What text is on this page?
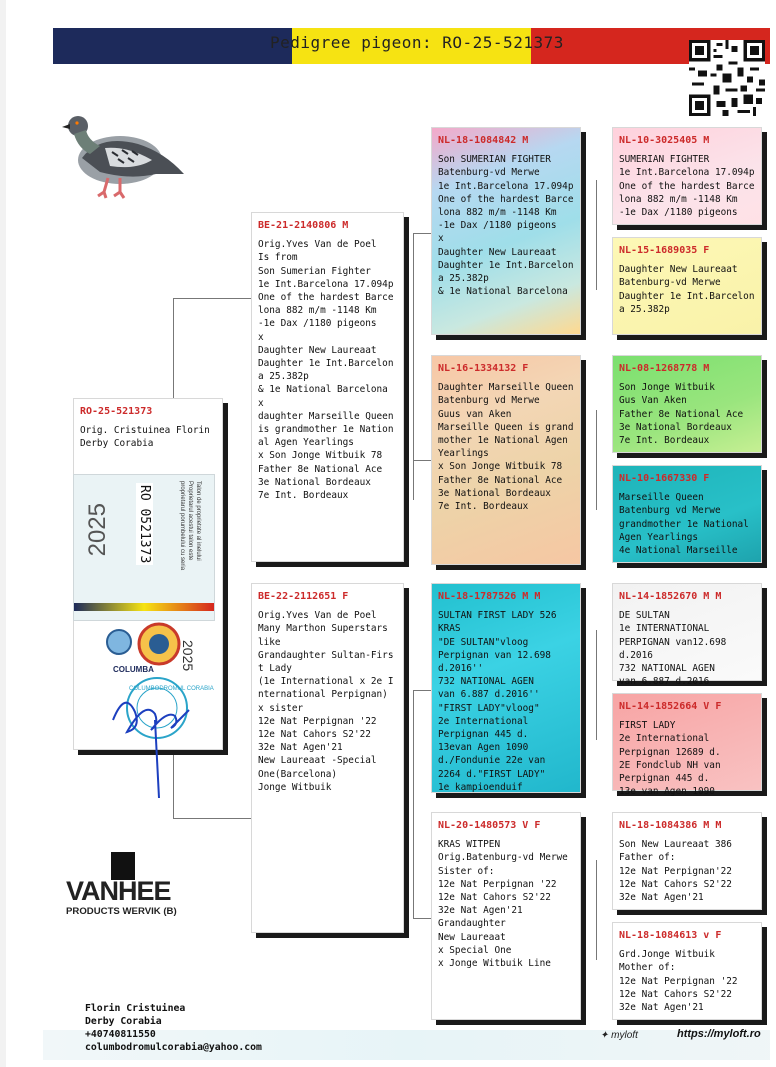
Pedigree pigeon: RO-25-521373
RO-25-521373
Orig. Cristuinea Florin
Derby Corabia
2025 RO 0521373	Talon de proprietate al inelului
Proprietarul acestui talon este
proprietarul porumbelului cu seria
COLUMBA 2025
COLUMBODROMUL CORABIA
BE-21-2140806 M
Orig.Yves Van de Poel
Is from
Son Sumerian Fighter
1e Int.Barcelona 17.094p
One of the hardest Barce
lona 882 m/m -1148 Km
-1e Dax /1180 pigeons
x
Daughter New Laureaat
Daughter 1e Int.Barcelon
a 25.382p
& 1e National Barcelona
x
daughter Marseille Queen
is grandmother 1e Nation
al Agen Yearlings
x Son Jonge Witbuik 78
Father 8e National Ace
3e National Bordeaux
7e Int. Bordeaux
BE-22-2112651 F
Orig.Yves Van de Poel
Many Marthon Superstars
like
Grandaughter Sultan-Firs
t Lady
(1e International x 2e I
nternational Perpignan)
x sister
12e Nat Perpignan '22
12e Nat Cahors S2'22
32e Nat Agen'21
New Laureaat -Special
One(Barcelona)
Jonge Witbuik
NL-18-1084842 M
Son SUMERIAN FIGHTER
Batenburg-vd Merwe
1e Int.Barcelona 17.094p
One of the hardest Barce
lona 882 m/m -1148 Km
-1e Dax /1180 pigeons
x
Daughter New Laureaat
Daughter 1e Int.Barcelon
a 25.382p
& 1e National Barcelona
NL-16-1334132 F
Daughter Marseille Queen
Batenburg vd Merwe
Guus van Aken
Marseille Queen is grand
mother 1e National Agen
Yearlings
x Son Jonge Witbuik 78
Father 8e National Ace
3e National Bordeaux
7e Int. Bordeaux
NL-18-1787526 M M
SULTAN FIRST LADY 526
KRAS
"DE SULTAN"vloog
Perpignan van 12.698
d.2016''
732 NATIONAL AGEN
van 6.887 d.2016''
"FIRST LADY"vloog"
2e International
Perpignan 445 d.
13evan Agen 1090
d./Fondunie 22e van
2264 d."FIRST LADY"
1e kampioenduif
NL-20-1480573 V F
KRAS WITPEN
Orig.Batenburg-vd Merwe
Sister of:
12e Nat Perpignan '22
12e Nat Cahors S2'22
32e Nat Agen'21
Grandaughter
New Laureaat
x Special One
x Jonge Witbuik Line
NL-10-3025405 M
SUMERIAN FIGHTER
1e Int.Barcelona 17.094p
One of the hardest Barce
lona 882 m/m -1148 Km
-1e Dax /1180 pigeons
NL-15-1689035 F
Daughter New Laureaat
Batenburg-vd Merwe
Daughter 1e Int.Barcelon
a 25.382p
NL-08-1268778 M
Son Jonge Witbuik
Gus Van Aken
Father 8e National Ace
3e National Bordeaux
7e Int. Bordeaux
NL-10-1667330 F
Marseille Queen
Batenburg vd Merwe
grandmother 1e National
Agen Yearlings
4e National Marseille
NL-14-1852670 M M
DE SULTAN
1e INTERNATIONAL
PERPIGNAN van12.698
d.2016
732 NATIONAL AGEN
van 6.887 d.2016
NL-14-1852664 V F
FIRST LADY
2e International
Perpignan 12689 d.
2E Fondclub NH van
Perpignan 445 d.
13e van Agen 1090
NL-18-1084386 M M
Son New Laureaat 386
Father of:
12e Nat Perpignan'22
12e Nat Cahors S2'22
32e Nat Agen'21
NL-18-1084613 v F
Grd.Jonge Witbuik
Mother of:
12e Nat Perpignan '22
12e Nat Cahors S2'22
32e Nat Agen'21
VANHEE
PRODUCTS WERVIK (B)
Florin Cristuinea
Derby Corabia
+40740811550
columbodromulcorabia@yahoo.com
✦ myloft	https://myloft.ro
